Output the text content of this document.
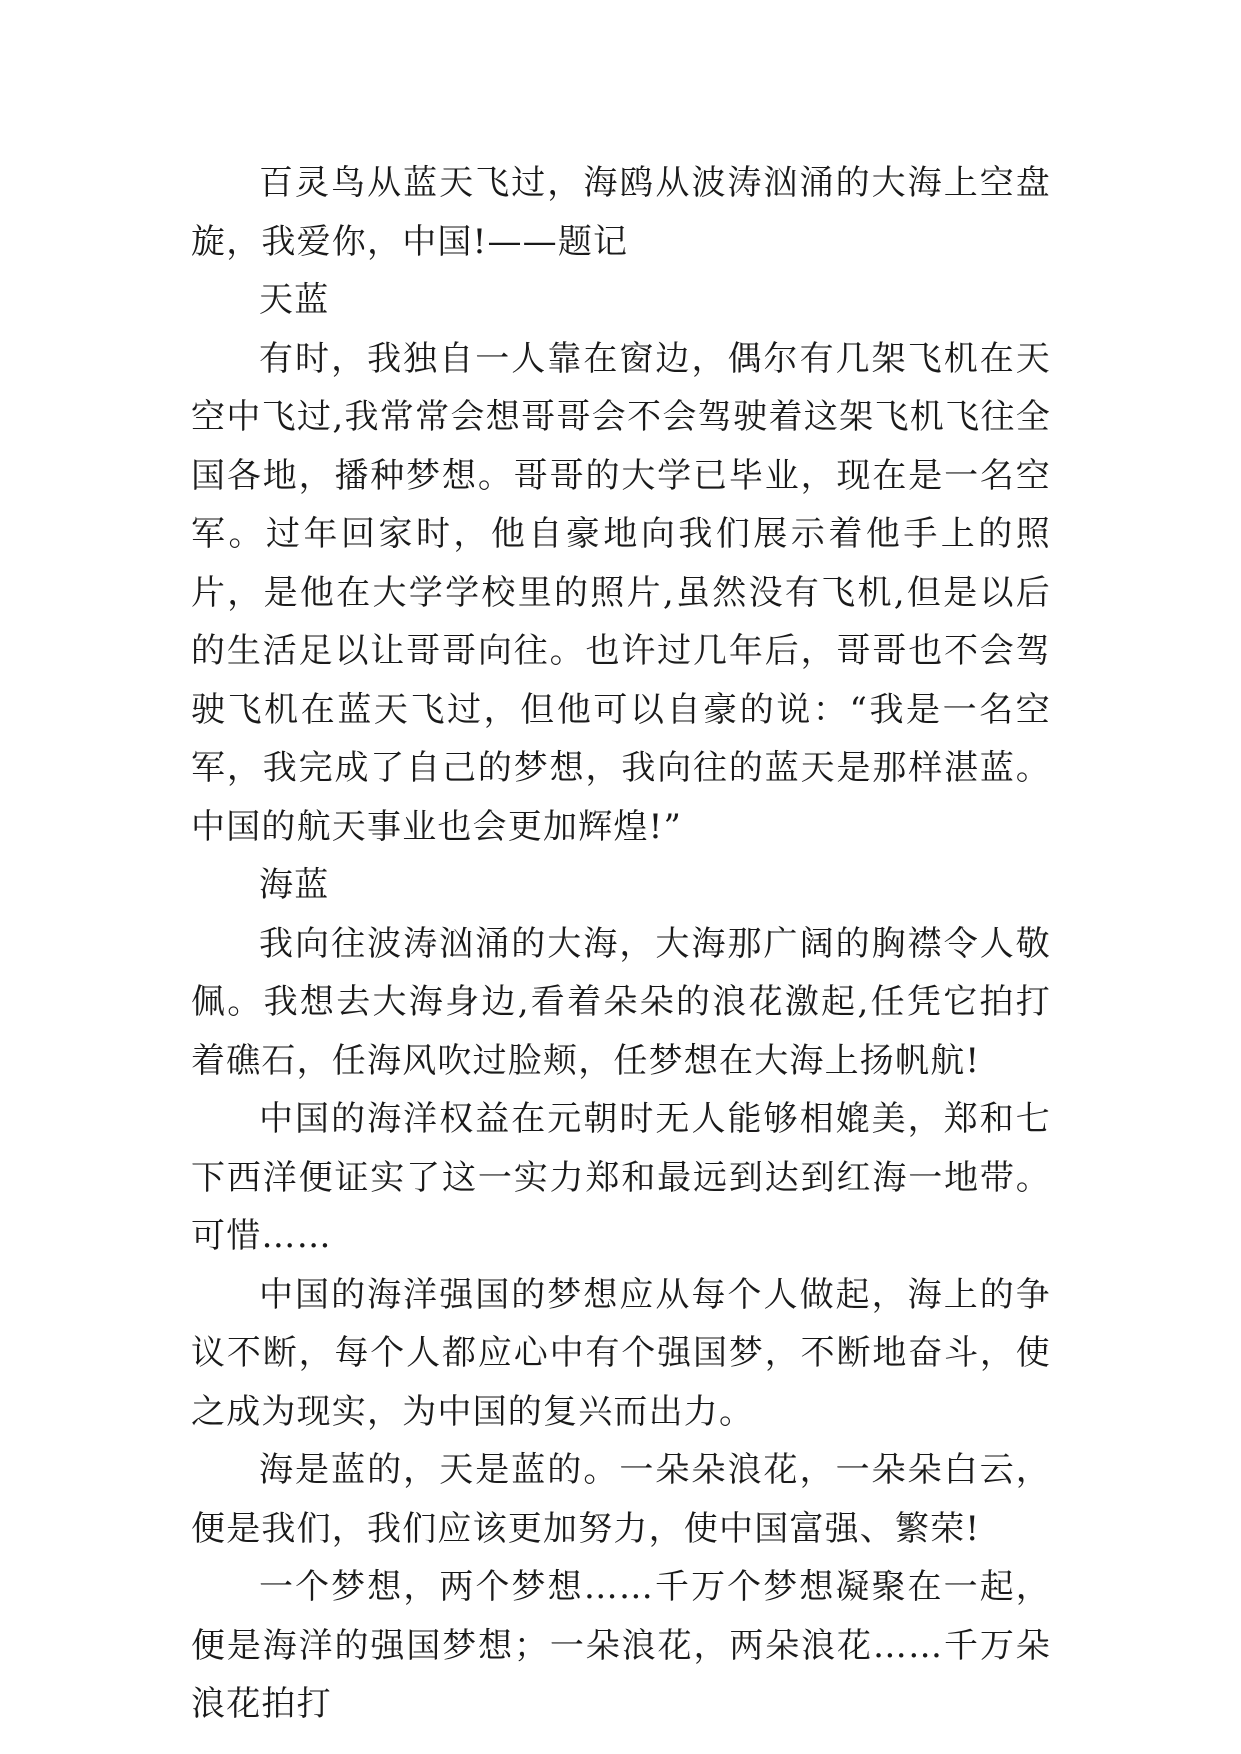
百灵鸟从蓝天飞过，海鸥从波涛汹涌的大海上空盘旋，我爱你，中国!——题记

天蓝

有时，我独自一人靠在窗边，偶尔有几架飞机在天空中飞过,我常常会想哥哥会不会驾驶着这架飞机飞往全国各地，播种梦想。哥哥的大学已毕业，现在是一名空军。过年回家时，他自豪地向我们展示着他手上的照片，是他在大学学校里的照片,虽然没有飞机,但是以后的生活足以让哥哥向往。也许过几年后，哥哥也不会驾驶飞机在蓝天飞过，但他可以自豪的说：“我是一名空军，我完成了自己的梦想，我向往的蓝天是那样湛蓝。中国的航天事业也会更加辉煌!”

海蓝

我向往波涛汹涌的大海，大海那广阔的胸襟令人敬佩。我想去大海身边,看着朵朵的浪花激起,任凭它拍打着礁石，任海风吹过脸颊，任梦想在大海上扬帆航!

中国的海洋权益在元朝时无人能够相媲美，郑和七下西洋便证实了这一实力郑和最远到达到红海一地带。可惜……

中国的海洋强国的梦想应从每个人做起，海上的争议不断，每个人都应心中有个强国梦，不断地奋斗，使之成为现实，为中国的复兴而出力。

海是蓝的，天是蓝的。一朵朵浪花，一朵朵白云，便是我们，我们应该更加努力，使中国富强、繁荣!

一个梦想，两个梦想……千万个梦想凝聚在一起，便是海洋的强国梦想；一朵浪花，两朵浪花……千万朵浪花拍打
